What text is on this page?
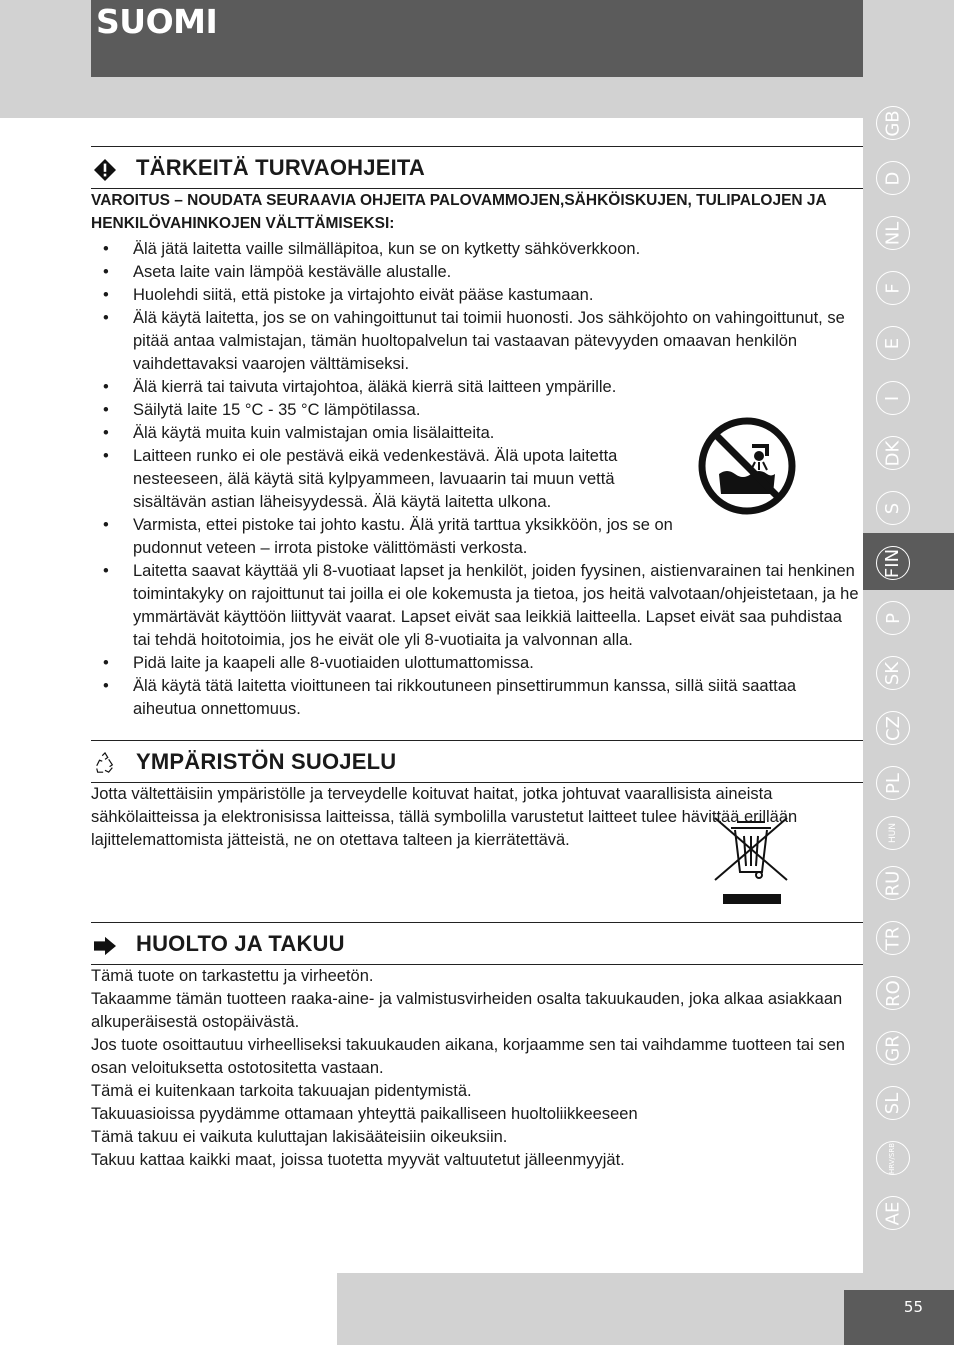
SUOMI
GB
D
NL
F
E
I
DK
S
FIN
P
SK
CZ
PL
HUN
RU
TR
RO
GR
SL
HRV/SRB
AE
55
TÄRKEITÄ TURVAOHJEITA
VAROITUS – NOUDATA SEURAAVIA OHJEITA PALOVAMMOJEN,SÄHKÖISKUJEN, TULIPALOJEN JA HENKILÖVAHINKOJEN VÄLTTÄMISEKSI:
• Älä jätä laitetta vaille silmälläpitoa, kun se on kytketty sähköverkkoon.
• Aseta laite vain lämpöä kestävälle alustalle.
• Huolehdi siitä, että pistoke ja virtajohto eivät pääse kastumaan.
• Älä käytä laitetta, jos se on vahingoittunut tai toimii huonosti. Jos sähköjohto on vahingoittunut, se pitää antaa valmistajan, tämän huoltopalvelun tai vastaavan pätevyyden omaavan henkilön vaihdettavaksi vaarojen välttämiseksi.
• Älä kierrä tai taivuta virtajohtoa, äläkä kierrä sitä laitteen ympärille.
• Säilytä laite 15 °C - 35 °C lämpötilassa.
• Älä käytä muita kuin valmistajan omia lisälaitteita.
• Laitteen runko ei ole pestävä eikä vedenkestävä. Älä upota laitetta nesteeseen, älä käytä sitä kylpyammeen, lavuaarin tai muun vettä sisältävän astian läheisyydessä. Älä käytä laitetta ulkona.
• Varmista, ettei pistoke tai johto kastu. Älä yritä tarttua yksikköön, jos se on pudonnut veteen – irrota pistoke välittömästi verkosta.
• Laitetta saavat käyttää yli 8-vuotiaat lapset ja henkilöt, joiden fyysinen, aistienvarainen tai henkinen toimintakyky on rajoittunut tai joilla ei ole kokemusta ja tietoa, jos heitä valvotaan/ohjeistetaan, ja he ymmärtävät käyttöön liittyvät vaarat. Lapset eivät saa leikkiä laitteella. Lapset eivät saa puhdistaa tai tehdä hoitotoimia, jos he eivät ole yli 8-vuotiaita ja valvonnan alla.
• Pidä laite ja kaapeli alle 8-vuotiaiden ulottumattomissa.
• Älä käytä tätä laitetta vioittuneen tai rikkoutuneen pinsettirummun kanssa, sillä siitä saattaa aiheutua onnettomuus.
YMPÄRISTÖN SUOJELU

Jotta vältettäisiin ympäristölle ja terveydelle koituvat haitat, jotka johtuvat vaarallisista aineista sähkölaitteissa ja elektronisissa laitteissa, tällä symbolilla varustetut laitteet tulee hävittää erillään lajittelemattomista jätteistä, ne on otettava talteen ja kierrätettävä.

HUOLTO JA TAKUU

Tämä tuote on tarkastettu ja virheetön.

Takaamme tämän tuotteen raaka-aine- ja valmistusvirheiden osalta takuukauden, joka alkaa asiakkaan alkuperäisestä ostopäivästä.

Jos tuote osoittautuu virheelliseksi takuukauden aikana, korjaamme sen tai vaihdamme tuotteen tai sen osan veloituksetta ostotositetta vastaan.

Tämä ei kuitenkaan tarkoita takuuajan pidentymistä.

Takuuasioissa pyydämme ottamaan yhteyttä paikalliseen huoltoliikkeeseen

Tämä takuu ei vaikuta kuluttajan lakisääteisiin oikeuksiin.

Takuu kattaa kaikki maat, joissa tuotetta myyvät valtuutetut jälleenmyyjät.
